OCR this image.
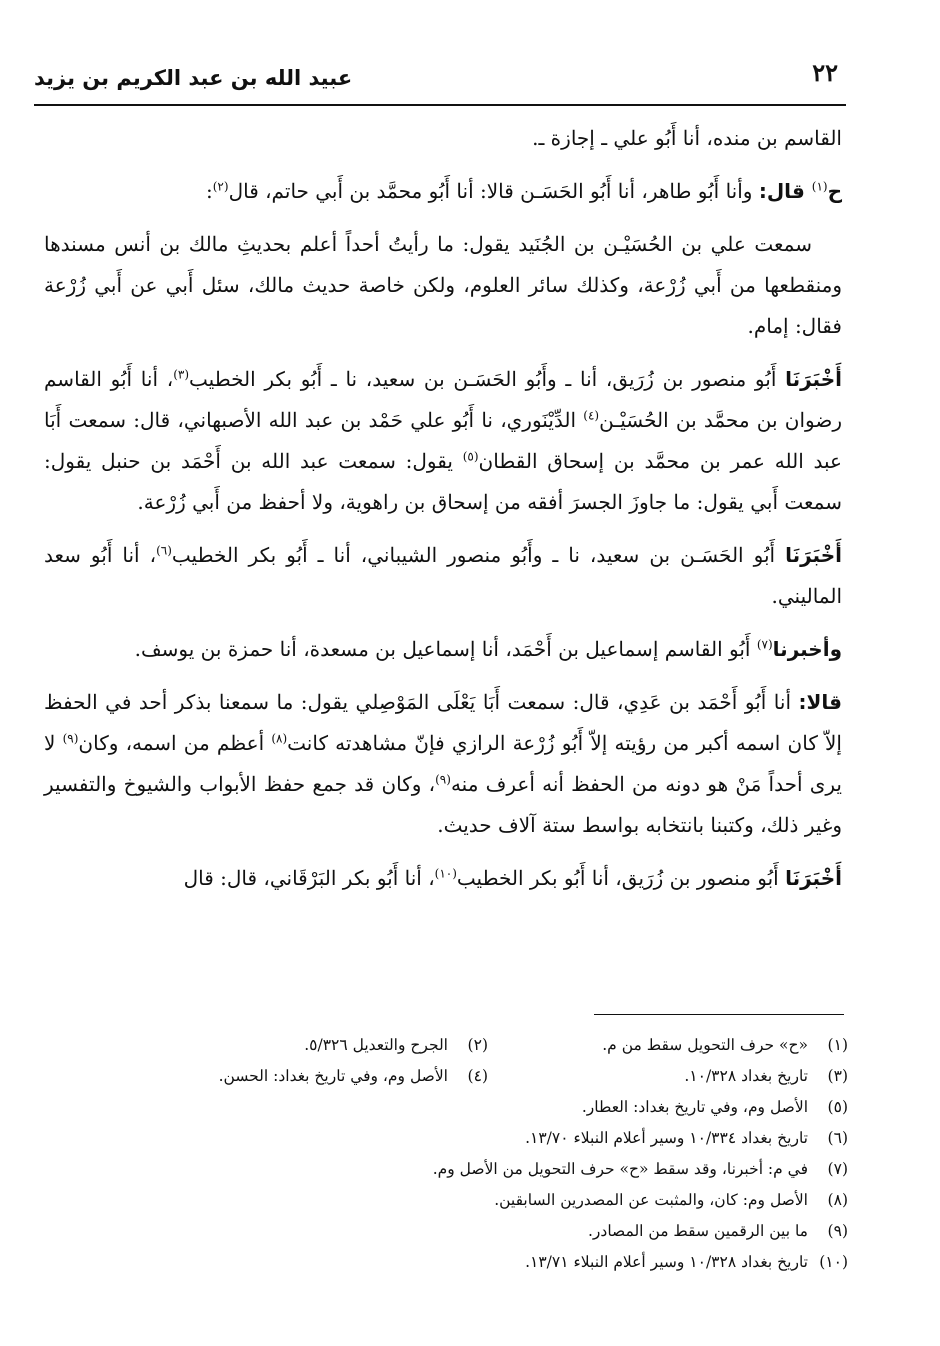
٢٢
عبيد الله بن عبد الكريم بن يزيد

القاسم بن منده، أنا أَبُو علي ـ إجازة ـ.

ح$^{(١)}$ قال: وأنا أَبُو طاهر، أنا أَبُو الحَسَـن قالا: أنا أَبُو محمَّد بن أَبي حاتم، قال$^{(٢)}$:

سمعت علي بن الحُسَيْـن بن الجُنَيد يقول: ما رأيتُ أحداً أعلم بحديثِ مالك بن أنس مسندها ومنقطعها من أَبي زُرْعة، وكذلك سائر العلوم، ولكن خاصة حديث مالك، سئل أَبي عن أَبي زُرْعة فقال: إمام.

أَخْبَرَنَا أَبُو منصور بن زُرَيق، أنا ـ وأَبُو الحَسَـن بن سعيد، نا ـ أَبُو بكر الخطيب$^{(٣)}$، أنا أَبُو القاسم رضوان بن محمَّد بن الحُسَيْـن$^{(٤)}$ الدِّيْنَوري، نا أَبُو علي حَمْد بن عبد الله الأصبهاني، قال: سمعت أَبَا عبد الله عمر بن محمَّد بن إسحاق القطان$^{(٥)}$ يقول: سمعت عبد الله بن أَحْمَد بن حنبل يقول: سمعت أَبي يقول: ما جاوزَ الجسرَ أفقه من إسحاق بن راهوية، ولا أحفظ من أَبي زُرْعة.

أَخْبَرَنَا أَبُو الحَسَـن بن سعيد، نا ـ وأَبُو منصور الشيباني، أنا ـ أَبُو بكر الخطيب$^{(٦)}$، أنا أَبُو سعد الماليني.

وأخبرنا$^{(٧)}$ أَبُو القاسم إسماعيل بن أَحْمَد، أنا إسماعيل بن مسعدة، أنا حمزة بن يوسف.

قالا: أنا أَبُو أَحْمَد بن عَدِي، قال: سمعت أَبَا يَعْلَى المَوْصِلي يقول: ما سمعنا بذكر أحد في الحفظ إلاّ كان اسمه أكبر من رؤيته إلاّ أَبُو زُرْعة الرازي فإنّ مشاهدته كانت$^{(٨)}$ أعظم من اسمه، وكان$^{(٩)}$ لا يرى أحداً مَنْ هو دونه من الحفظ أنه أعرف منه$^{(٩)}$، وكان قد جمع حفظ الأبواب والشيوخ والتفسير وغير ذلك، وكتبنا بانتخابه بواسط ستة آلاف حديث.

أَخْبَرَنَا أَبُو منصور بن زُرَيق، أنا أَبُو بكر الخطيب$^{(١٠)}$، أنا أَبُو بكر البَرْقَاني، قال: قال

(١)
«ح» حرف التحويل سقط من م.
(٢)
الجرح والتعديل ٥/٣٢٦.
(٣)
تاريخ بغداد ١٠/٣٢٨.
(٤)
الأصل وم، وفي تاريخ بغداد: الحسن.
(٥)
الأصل وم، وفي تاريخ بغداد: العطار.
(٦)
تاريخ بغداد ١٠/٣٣٤ وسير أعلام النبلاء ١٣/٧٠.
(٧)
في م: أخبرنا، وقد سقط «ح» حرف التحويل من الأصل وم.
(٨)
الأصل وم: كان، والمثبت عن المصدرين السابقين.
(٩)
ما بين الرقمين سقط من المصادر.
(١٠)
تاريخ بغداد ١٠/٣٢٨ وسير أعلام النبلاء ١٣/٧١.
